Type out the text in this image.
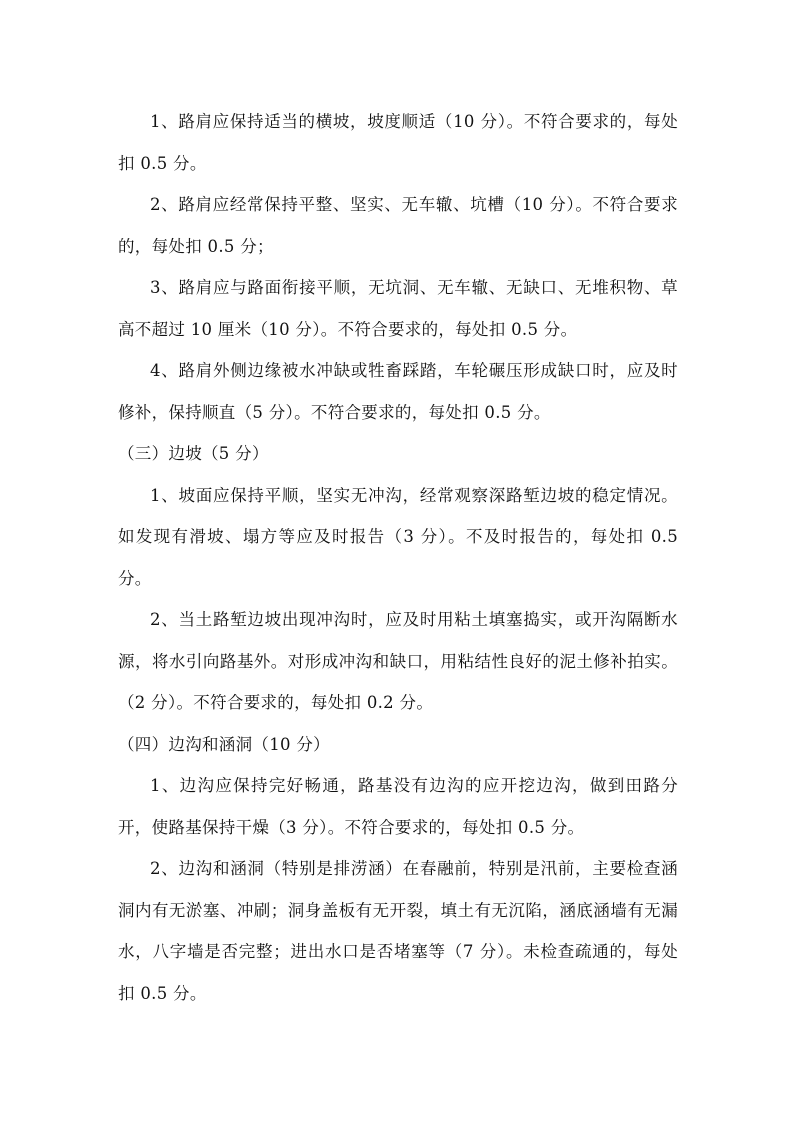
1、路肩应保持适当的横坡，坡度顺适（10 分）。不符合要求的，每处扣 0.5 分。

2、路肩应经常保持平整、坚实、无车辙、坑槽（10 分）。不符合要求的，每处扣 0.5 分；

3、路肩应与路面衔接平顺，无坑洞、无车辙、无缺口、无堆积物、草高不超过 10 厘米（10 分）。不符合要求的，每处扣 0.5 分。

4、路肩外侧边缘被水冲缺或牲畜踩踏，车轮碾压形成缺口时，应及时修补，保持顺直（5 分）。不符合要求的，每处扣 0.5 分。

（三）边坡（5 分）

1、坡面应保持平顺，坚实无冲沟，经常观察深路堑边坡的稳定情况。如发现有滑坡、塌方等应及时报告（3 分）。不及时报告的，每处扣 0.5 分。

2、当土路堑边坡出现冲沟时，应及时用粘土填塞捣实，或开沟隔断水源，将水引向路基外。对形成冲沟和缺口，用粘结性良好的泥土修补拍实。（2 分）。不符合要求的，每处扣 0.2 分。

（四）边沟和涵洞（10 分）

1、边沟应保持完好畅通，路基没有边沟的应开挖边沟，做到田路分开，使路基保持干燥（3 分）。不符合要求的，每处扣 0.5 分。

2、边沟和涵洞（特别是排涝涵）在春融前，特别是汛前，主要检查涵洞内有无淤塞、冲刷；洞身盖板有无开裂，填土有无沉陷，涵底涵墙有无漏水，八字墙是否完整；进出水口是否堵塞等（7 分）。未检查疏通的，每处扣 0.5 分。
